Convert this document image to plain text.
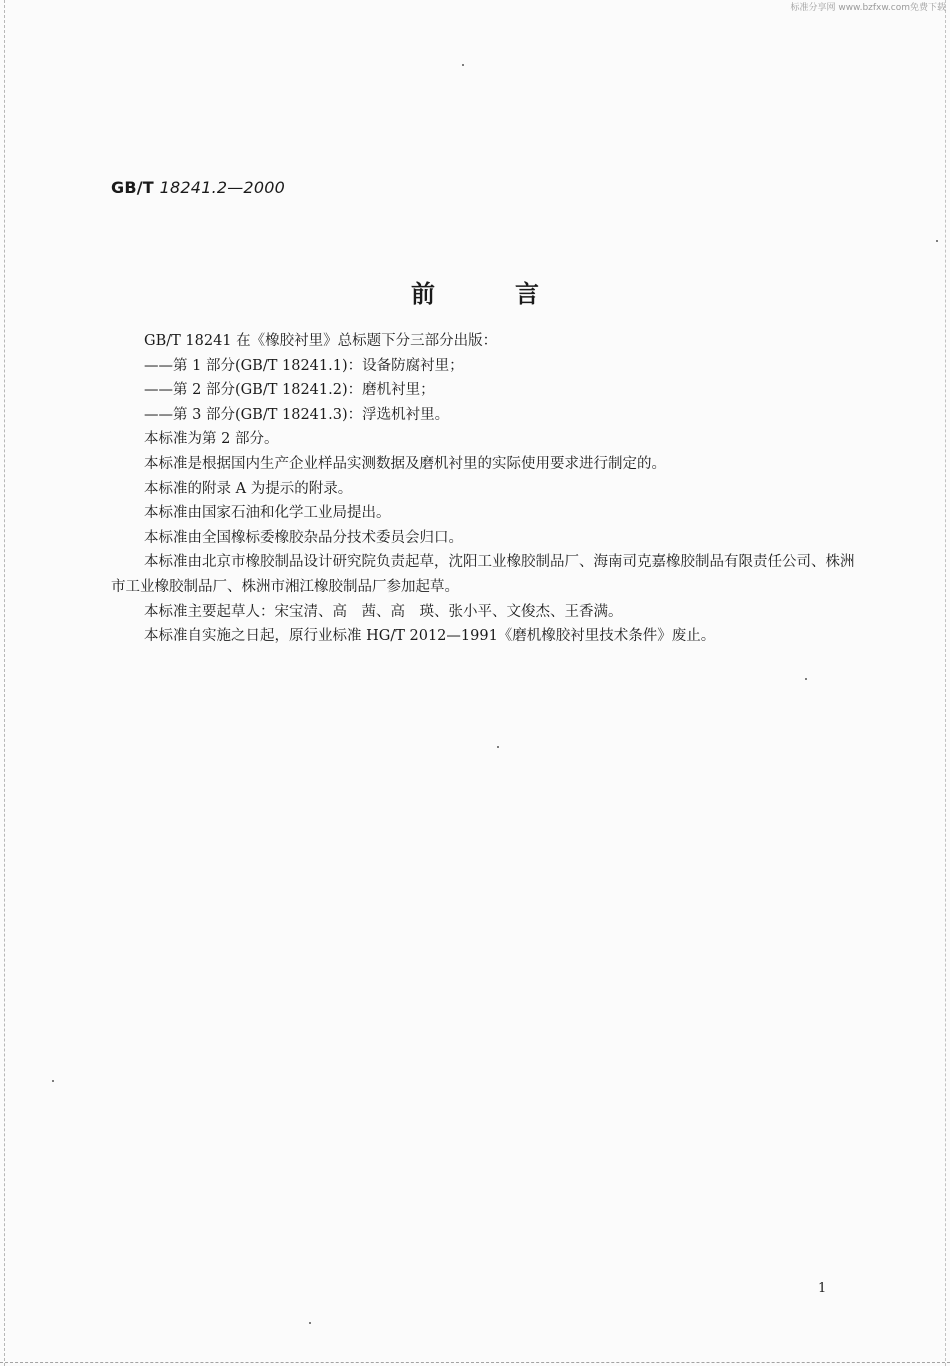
标准分享网 www.bzfxw.com免费下载
GB/T 18241.2—2000
前言

GB/T 18241 在《橡胶衬里》总标题下分三部分出版：

——第 1 部分(GB/T 18241.1)：设备防腐衬里；

——第 2 部分(GB/T 18241.2)：磨机衬里；

——第 3 部分(GB/T 18241.3)：浮选机衬里。

本标准为第 2 部分。

本标准是根据国内生产企业样品实测数据及磨机衬里的实际使用要求进行制定的。

本标准的附录 A 为提示的附录。

本标准由国家石油和化学工业局提出。

本标准由全国橡标委橡胶杂品分技术委员会归口。

本标准由北京市橡胶制品设计研究院负责起草，沈阳工业橡胶制品厂、海南司克嘉橡胶制品有限责任公司、株洲市工业橡胶制品厂、株洲市湘江橡胶制品厂参加起草。

本标准主要起草人：宋宝清、高　茜、高　瑛、张小平、文俊杰、王香满。

本标准自实施之日起，原行业标准 HG/T 2012—1991《磨机橡胶衬里技术条件》废止。

1
